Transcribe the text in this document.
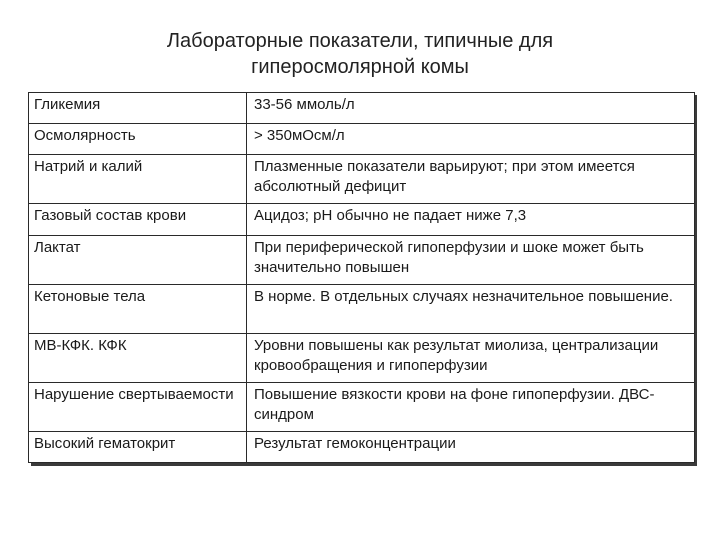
Лабораторные показатели, типичные для
гиперосмолярной комы
Гликемия	33-56 ммоль/л
Осмолярность	> 350мОсм/л
Натрий и калий	Плазменные показатели варьируют; при этом имеется абсолютный дефицит
Газовый состав крови	Ацидоз; рН обычно не падает ниже 7,3
Лактат	При периферической гипоперфузии и шоке может быть значительно повышен
Кетоновые тела	В норме. В отдельных случаях незначительное повышение.
МВ-КФК. КФК	Уровни повышены как результат миолиза, централизации кровообращения и гипоперфузии
Нарушение свертываемости	Повышение вязкости крови на фоне гипоперфузии. ДВС-синдром
Высокий гематокрит	Результат гемоконцентрации
